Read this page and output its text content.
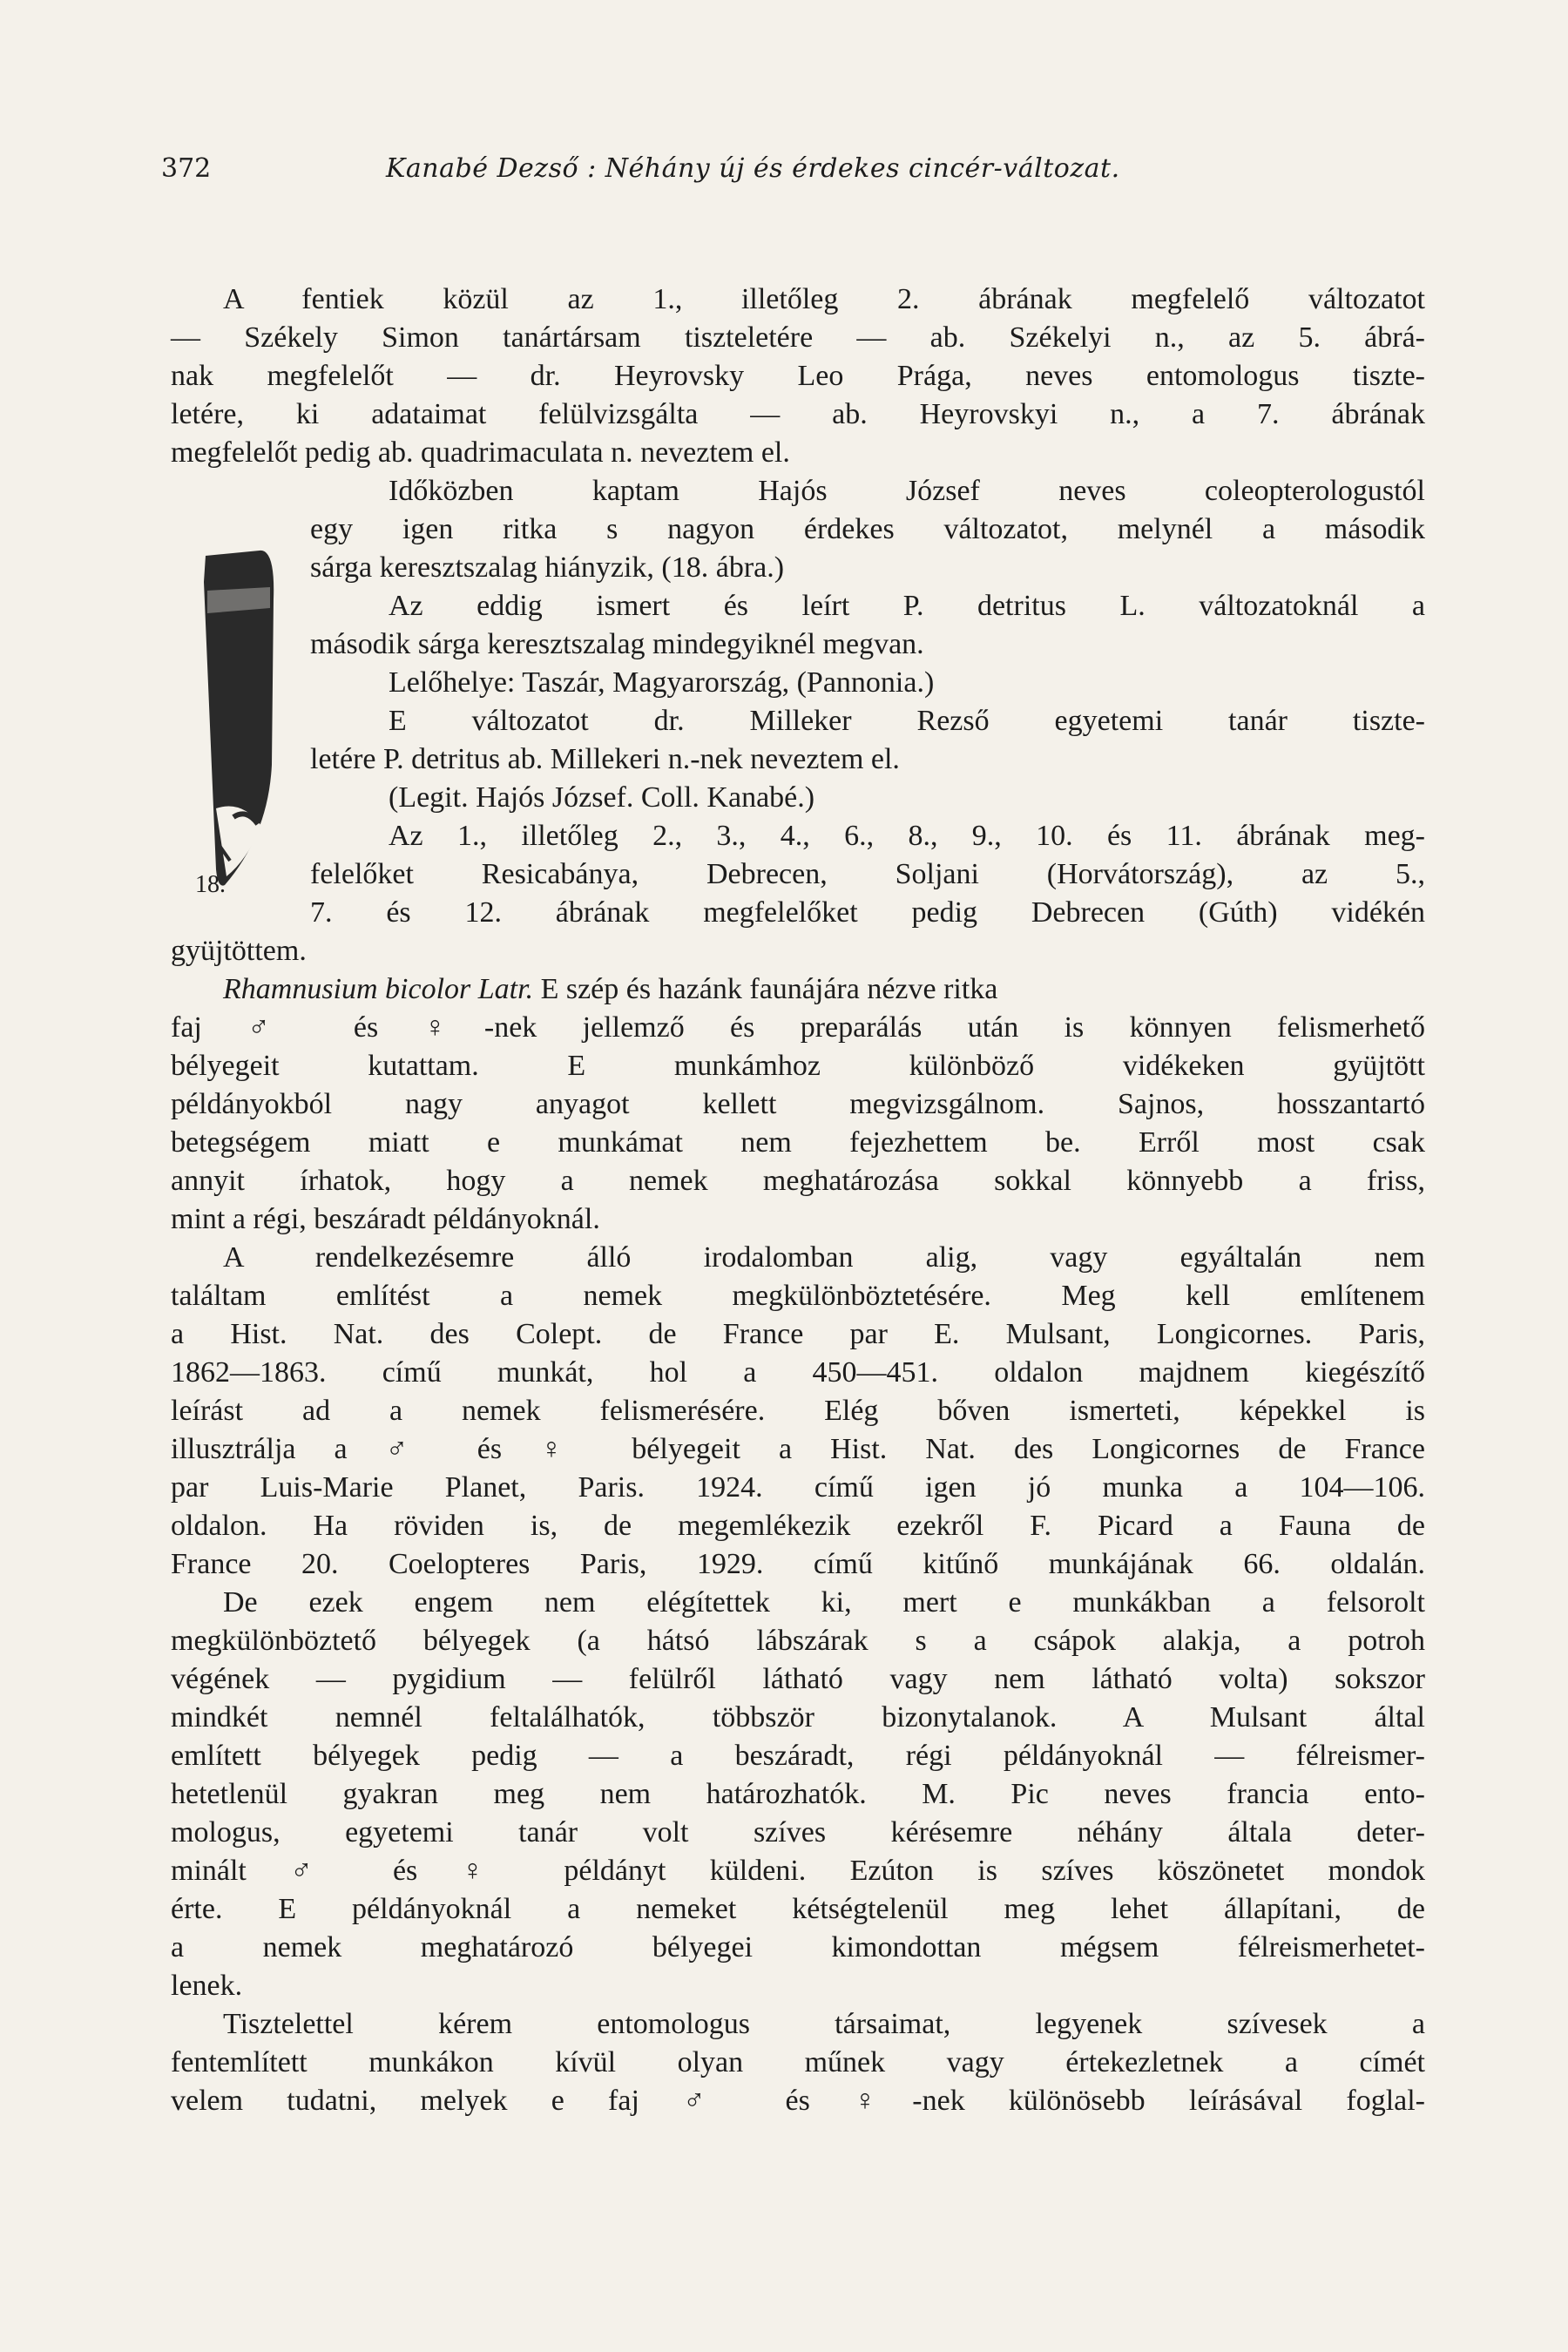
372	Kanabé Dezső : Néhány új és érdekes cincér-változat.
18.
A fentiek közül az 1., illetőleg 2. ábrának megfelelő változatot
— Székely Simon tanártársam tiszteletére — ab. Székelyi n., az 5. ábrá-
nak megfelelőt — dr. Heyrovsky Leo Prága, neves entomologus tiszte-
letére, ki adataimat felülvizsgálta — ab. Heyrovskyi n., a 7. ábrának
megfelelőt pedig ab. quadrimaculata n. neveztem el.
Időközben kaptam Hajós József neves coleopterologustól
egy igen ritka s nagyon érdekes változatot, melynél a második
sárga keresztszalag hiányzik, (18. ábra.)
Az eddig ismert és leírt P. detritus L. változatoknál a
második sárga keresztszalag mindegyiknél megvan.
Lelőhelye: Taszár, Magyarország, (Pannonia.)
E változatot dr. Milleker Rezső egyetemi tanár tiszte-
letére P. detritus ab. Millekeri n.-nek neveztem el.
(Legit. Hajós József. Coll. Kanabé.)
Az 1., illetőleg 2., 3., 4., 6., 8., 9., 10. és 11. ábrának meg-
felelőket Resicabánya, Debrecen, Soljani (Horvátország), az 5.,
7. és 12. ábrának megfelelőket pedig Debrecen (Gúth) vidékén
gyüjtöttem.
Rhamnusium bicolor Latr. E szép és hazánk faunájára nézve ritka
faj ♂ és ♀-nek jellemző és preparálás után is könnyen felismerhető
bélyegeit kutattam. E munkámhoz különböző vidékeken gyüjtött
példányokból nagy anyagot kellett megvizsgálnom. Sajnos, hosszantartó
betegségem miatt e munkámat nem fejezhettem be. Erről most csak
annyit írhatok, hogy a nemek meghatározása sokkal könnyebb a friss,
mint a régi, beszáradt példányoknál.
A rendelkezésemre álló irodalomban alig, vagy egyáltalán nem
találtam említést a nemek megkülönböztetésére. Meg kell említenem
a Hist. Nat. des Colept. de France par E. Mulsant, Longicornes. Paris,
1862—1863. című munkát, hol a 450—451. oldalon majdnem kiegészítő
leírást ad a nemek felismerésére. Elég bőven ismerteti, képekkel is
illusztrálja a ♂ és ♀ bélyegeit a Hist. Nat. des Longicornes de France
par Luis-Marie Planet, Paris. 1924. című igen jó munka a 104—106.
oldalon. Ha röviden is, de megemlékezik ezekről F. Picard a Fauna de
France 20. Coelopteres Paris, 1929. című kitűnő munkájának 66. oldalán.
De ezek engem nem elégítettek ki, mert e munkákban a felsorolt
megkülönböztető bélyegek (a hátsó lábszárak s a csápok alakja, a potroh
végének — pygidium — felülről látható vagy nem látható volta) sokszor
mindkét nemnél feltalálhatók, többször bizonytalanok. A Mulsant által
említett bélyegek pedig — a beszáradt, régi példányoknál — félreismer-
hetetlenül gyakran meg nem határozhatók. M. Pic neves francia ento-
mologus, egyetemi tanár volt szíves kérésemre néhány általa deter-
minált ♂ és ♀ példányt küldeni. Ezúton is szíves köszönetet mondok
érte. E példányoknál a nemeket kétségtelenül meg lehet állapítani, de
a nemek meghatározó bélyegei kimondottan mégsem félreismerhetet-
lenek.
Tisztelettel kérem entomologus társaimat, legyenek szívesek a
fentemlített munkákon kívül olyan műnek vagy értekezletnek a címét
velem tudatni, melyek e faj ♂ és ♀-nek különösebb leírásával foglal-
